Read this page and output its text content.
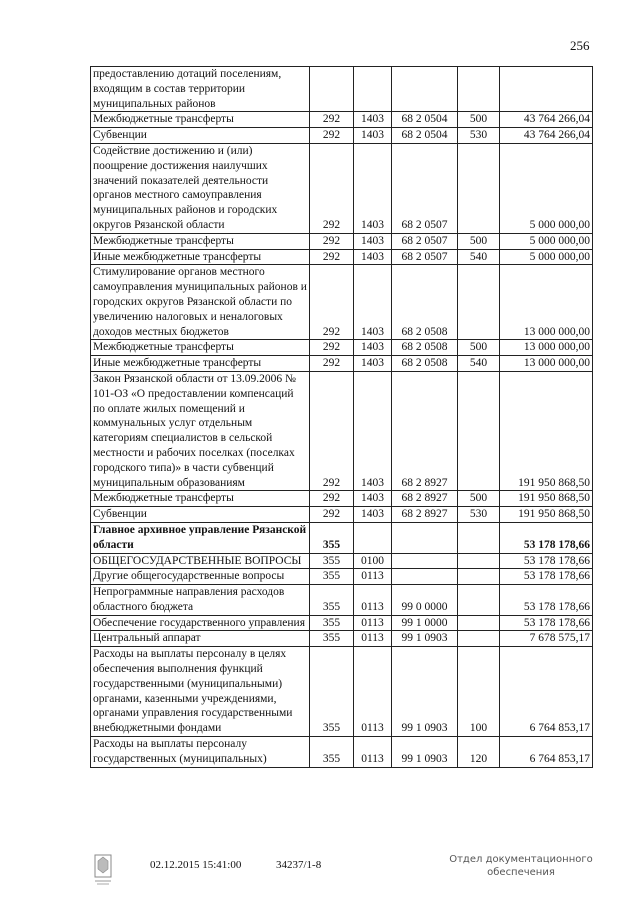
256
предоставлению дотаций поселениям, входящим в состав территории муниципальных районов					
Межбюджетные трансферты	292	1403	68 2 0504	500	43 764 266,04
Субвенции	292	1403	68 2 0504	530	43 764 266,04
Содействие достижению и (или) поощрение достижения наилучших значений показателей деятельности органов местного самоуправления муниципальных районов и городских округов Рязанской области	292	1403	68 2 0507		5 000 000,00
Межбюджетные трансферты	292	1403	68 2 0507	500	5 000 000,00
Иные межбюджетные трансферты	292	1403	68 2 0507	540	5 000 000,00
Стимулирование органов местного самоуправления муниципальных районов и городских округов Рязанской области по увеличению налоговых и неналоговых доходов местных бюджетов	292	1403	68 2 0508		13 000 000,00
Межбюджетные трансферты	292	1403	68 2 0508	500	13 000 000,00
Иные межбюджетные трансферты	292	1403	68 2 0508	540	13 000 000,00
Закон Рязанской области от 13.09.2006 № 101-ОЗ «О предоставлении компенсаций по оплате жилых помещений и коммунальных услуг отдельным категориям специалистов в сельской местности и рабочих поселках (поселках городского типа)» в части субвенций муниципальным образованиям	292	1403	68 2 8927		191 950 868,50
Межбюджетные трансферты	292	1403	68 2 8927	500	191 950 868,50
Субвенции	292	1403	68 2 8927	530	191 950 868,50
Главное архивное управление Рязанской области	355				53 178 178,66
ОБЩЕГОСУДАРСТВЕННЫЕ ВОПРОСЫ	355	0100			53 178 178,66
Другие общегосударственные вопросы	355	0113			53 178 178,66
Непрограммные направления расходов областного бюджета	355	0113	99 0 0000		53 178 178,66
Обеспечение государственного управления	355	0113	99 1 0000		53 178 178,66
Центральный аппарат	355	0113	99 1 0903		7 678 575,17
Расходы на выплаты персоналу в целях обеспечения выполнения функций государственными (муниципальными) органами, казенными учреждениями, органами управления государственными внебюджетными фондами	355	0113	99 1 0903	100	6 764 853,17
Расходы на выплаты персоналу государственных (муниципальных)	355	0113	99 1 0903	120	6 764 853,17
02.12.2015 15:41:00	34237/1-8	Отдел документационного
обеспечения
